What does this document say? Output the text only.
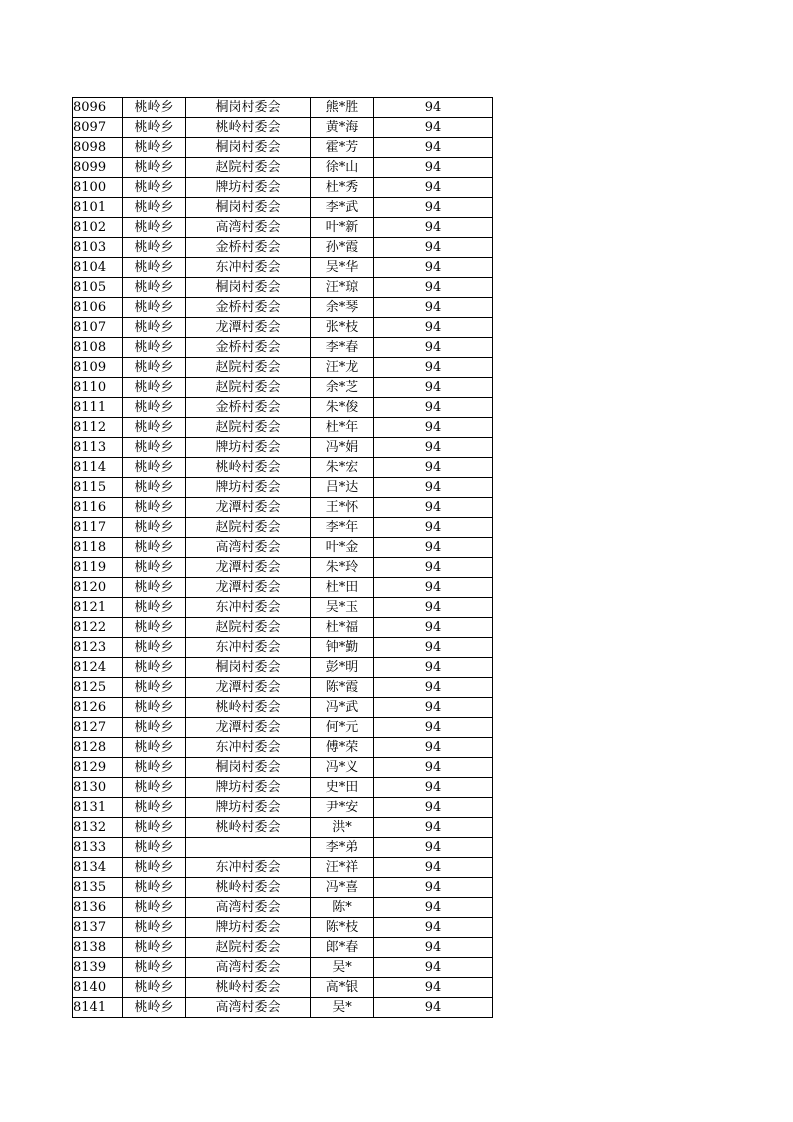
8096	桃岭乡	桐岗村委会	熊*胜	94
8097	桃岭乡	桃岭村委会	黄*海	94
8098	桃岭乡	桐岗村委会	霍*芳	94
8099	桃岭乡	赵院村委会	徐*山	94
8100	桃岭乡	牌坊村委会	杜*秀	94
8101	桃岭乡	桐岗村委会	李*武	94
8102	桃岭乡	高湾村委会	叶*新	94
8103	桃岭乡	金桥村委会	孙*霞	94
8104	桃岭乡	东冲村委会	吴*华	94
8105	桃岭乡	桐岗村委会	汪*琼	94
8106	桃岭乡	金桥村委会	余*琴	94
8107	桃岭乡	龙潭村委会	张*枝	94
8108	桃岭乡	金桥村委会	李*春	94
8109	桃岭乡	赵院村委会	汪*龙	94
8110	桃岭乡	赵院村委会	余*芝	94
8111	桃岭乡	金桥村委会	朱*俊	94
8112	桃岭乡	赵院村委会	杜*年	94
8113	桃岭乡	牌坊村委会	冯*娟	94
8114	桃岭乡	桃岭村委会	朱*宏	94
8115	桃岭乡	牌坊村委会	吕*达	94
8116	桃岭乡	龙潭村委会	王*怀	94
8117	桃岭乡	赵院村委会	李*年	94
8118	桃岭乡	高湾村委会	叶*金	94
8119	桃岭乡	龙潭村委会	朱*玲	94
8120	桃岭乡	龙潭村委会	杜*田	94
8121	桃岭乡	东冲村委会	吴*玉	94
8122	桃岭乡	赵院村委会	杜*福	94
8123	桃岭乡	东冲村委会	钟*勤	94
8124	桃岭乡	桐岗村委会	彭*明	94
8125	桃岭乡	龙潭村委会	陈*霞	94
8126	桃岭乡	桃岭村委会	冯*武	94
8127	桃岭乡	龙潭村委会	何*元	94
8128	桃岭乡	东冲村委会	傅*荣	94
8129	桃岭乡	桐岗村委会	冯*义	94
8130	桃岭乡	牌坊村委会	史*田	94
8131	桃岭乡	牌坊村委会	尹*安	94
8132	桃岭乡	桃岭村委会	洪*	94
8133	桃岭乡		李*弟	94
8134	桃岭乡	东冲村委会	汪*祥	94
8135	桃岭乡	桃岭村委会	冯*喜	94
8136	桃岭乡	高湾村委会	陈*	94
8137	桃岭乡	牌坊村委会	陈*枝	94
8138	桃岭乡	赵院村委会	郎*春	94
8139	桃岭乡	高湾村委会	吴*	94
8140	桃岭乡	桃岭村委会	高*银	94
8141	桃岭乡	高湾村委会	吴*	94
